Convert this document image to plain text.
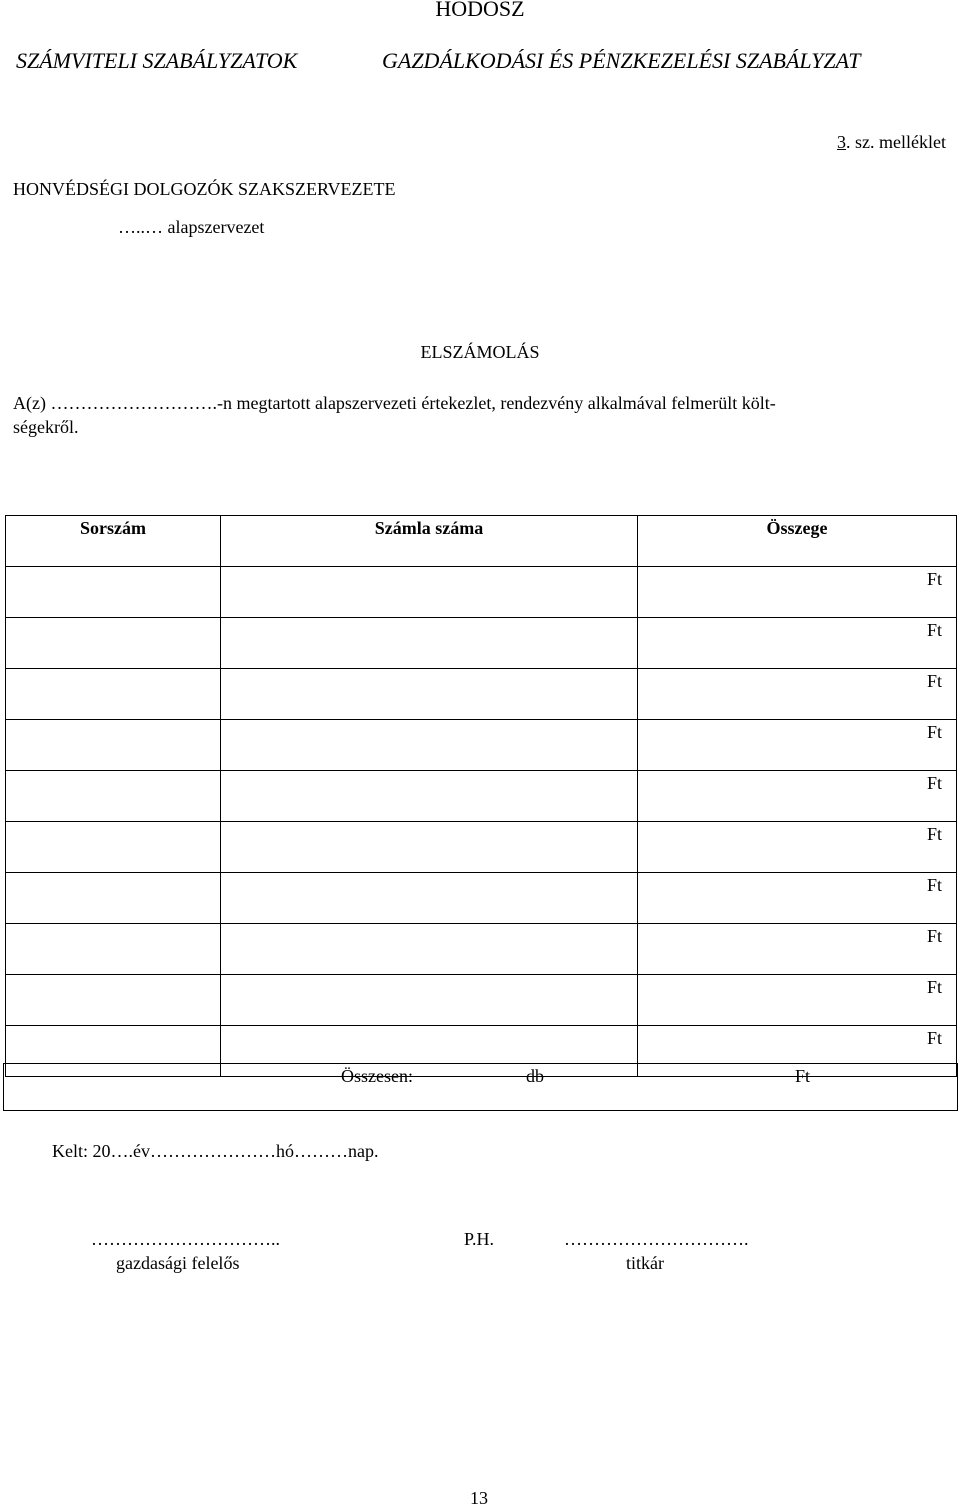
HODOSZ
SZÁMVITELI SZABÁLYZATOK	GAZDÁLKODÁSI ÉS PÉNZKEZELÉSI SZABÁLYZAT
3. sz. melléklet
HONVÉDSÉGI DOLGOZÓK SZAKSZERVEZETE
…..… alapszervezet
ELSZÁMOLÁS
A(z) ……………………….-n megtartott alapszervezeti értekezlet, rendezvény alkalmával felmerült költ-
ségekről.
Sorszám	Számla száma	Összege
		Ft
		Ft
		Ft
		Ft
		Ft
		Ft
		Ft
		Ft
		Ft
		Ft
Összesen:	db	Ft
Kelt: 20….év…………………hó………nap.
…………………………..
gazdasági felelős
P.H.	………………………….
titkár
13
